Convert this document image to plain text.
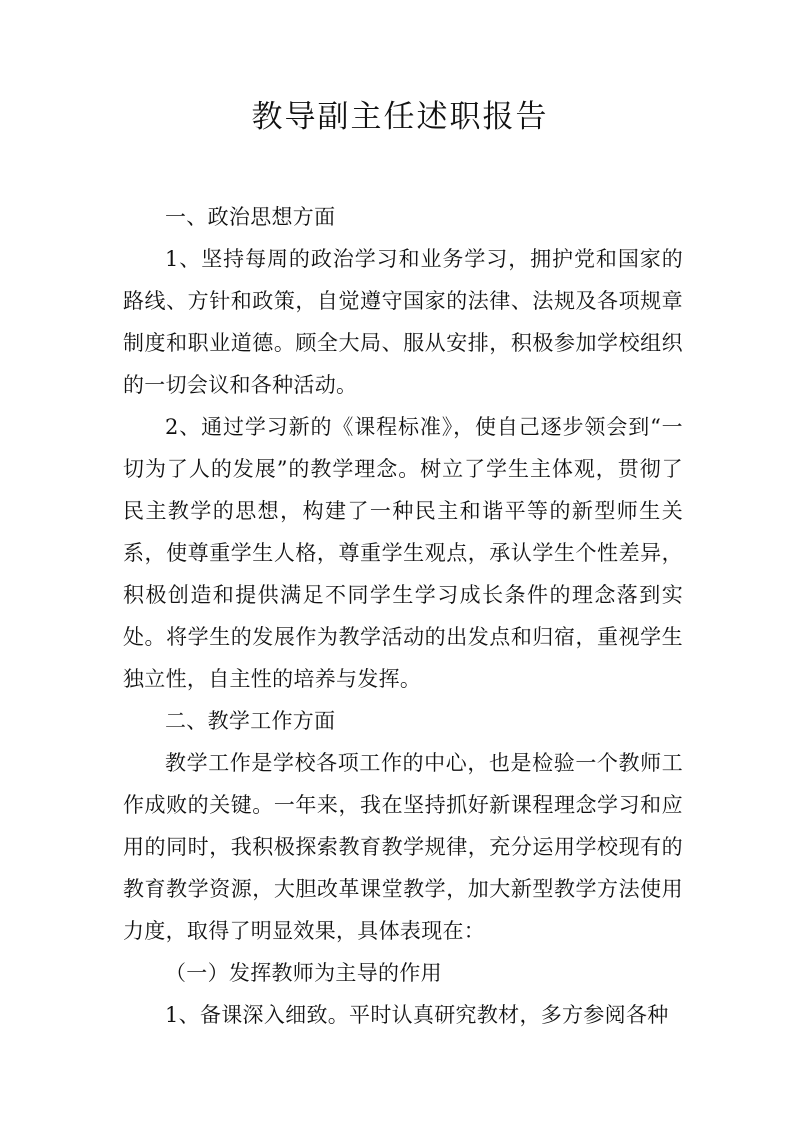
教导副主任述职报告

一、政治思想方面

1、坚持每周的政治学习和业务学习，拥护党和国家的路线、方针和政策，自觉遵守国家的法律、法规及各项规章制度和职业道德。顾全大局、服从安排，积极参加学校组织的一切会议和各种活动。

2、通过学习新的《课程标准》，使自己逐步领会到“一切为了人的发展”的教学理念。树立了学生主体观，贯彻了民主教学的思想，构建了一种民主和谐平等的新型师生关系，使尊重学生人格，尊重学生观点，承认学生个性差异，积极创造和提供满足不同学生学习成长条件的理念落到实处。将学生的发展作为教学活动的出发点和归宿，重视学生独立性，自主性的培养与发挥。

二、教学工作方面

教学工作是学校各项工作的中心，也是检验一个教师工作成败的关键。一年来，我在坚持抓好新课程理念学习和应用的同时，我积极探索教育教学规律，充分运用学校现有的教育教学资源，大胆改革课堂教学，加大新型教学方法使用力度，取得了明显效果，具体表现在：

（一）发挥教师为主导的作用

1、备课深入细致。平时认真研究教材，多方参阅各种
